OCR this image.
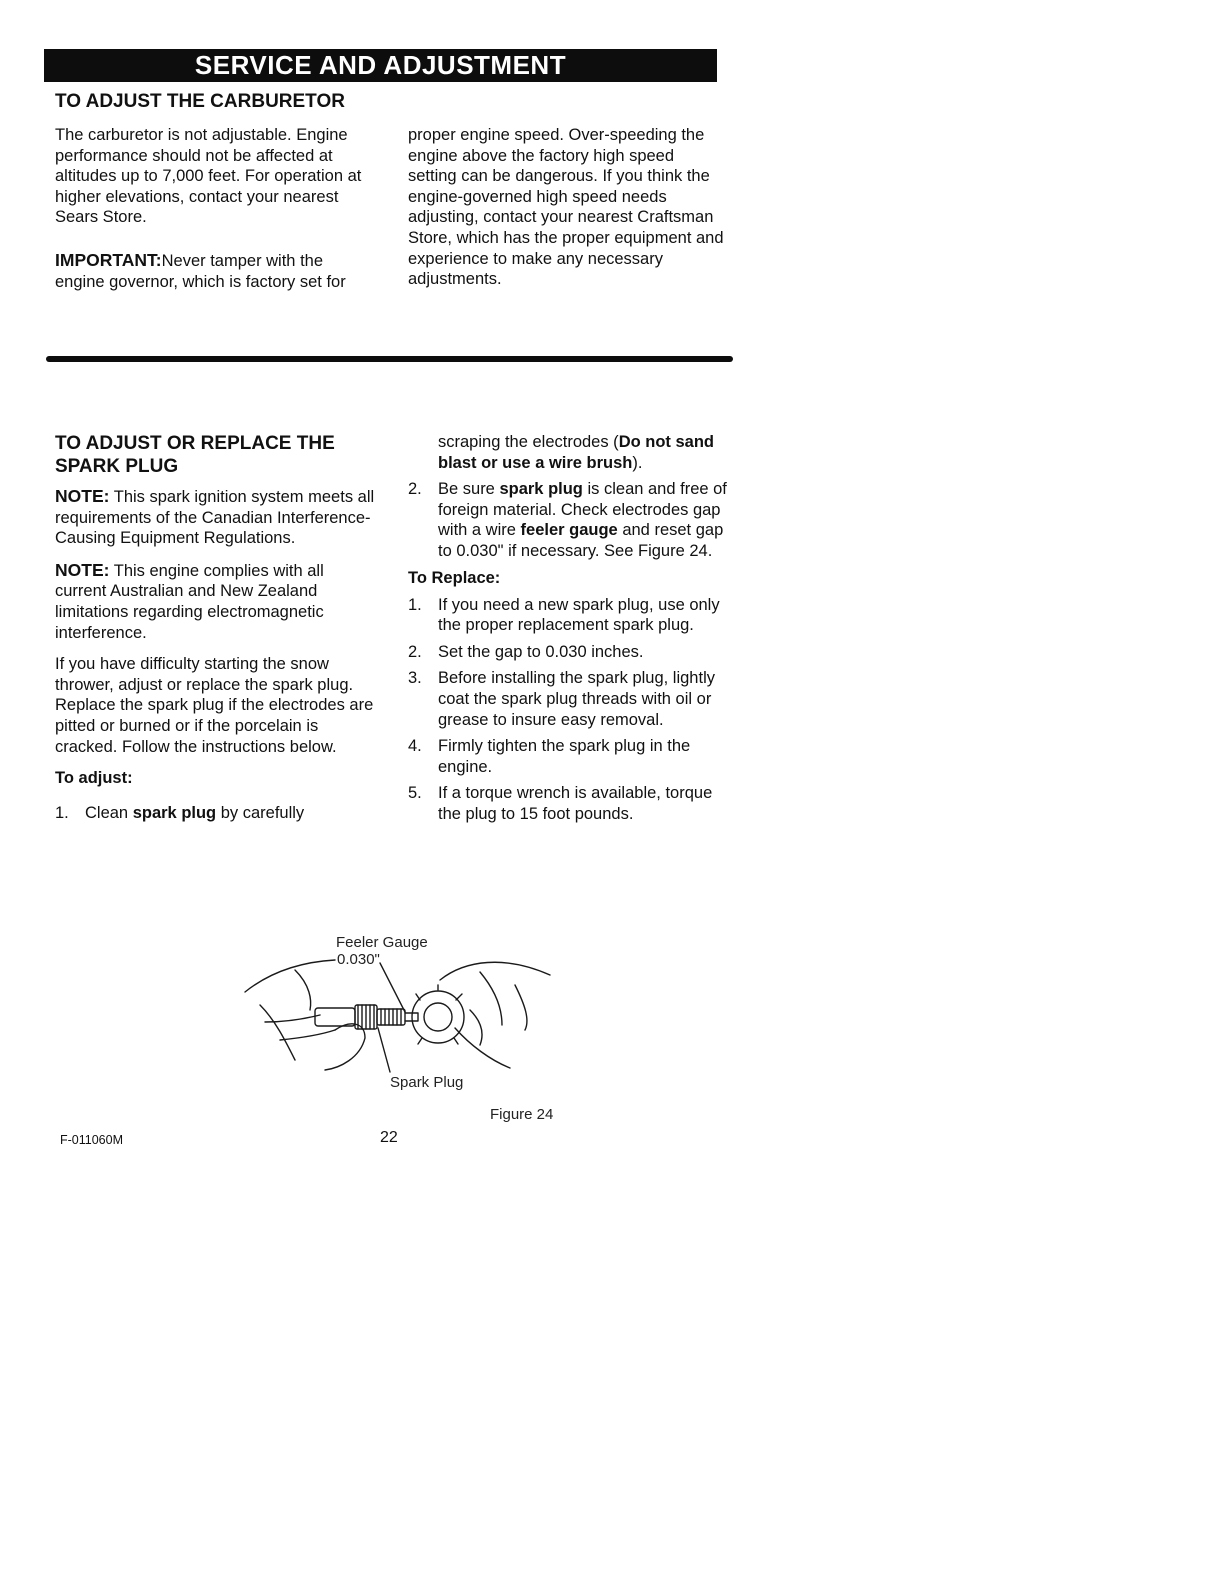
SERVICE AND ADJUSTMENT
TO ADJUST THE CARBURETOR

The carburetor is not adjustable. Engine performance should not be affected at altitudes up to 7,000 feet. For operation at higher elevations, contact your nearest Sears Store.

IMPORTANT:Never tamper with the engine governor, which is factory set for

proper engine speed. Over-speeding the engine above the factory high speed setting can be dangerous. If you think the engine-governed high speed needs adjusting, contact your nearest Craftsman Store, which has the proper equipment and experience to make any necessary adjustments.

TO ADJUST OR REPLACE THE
SPARK PLUG

NOTE: This spark ignition system meets all requirements of the Canadian Interference-Causing Equipment Regulations.

NOTE: This engine complies with all current Australian and New Zealand limitations regarding electromagnetic interference.

If you have difficulty starting the snow thrower, adjust or replace the spark plug. Replace the spark plug if the electrodes are pitted or burned or if the porcelain is cracked. Follow the instructions below.

To adjust:

1. Clean spark plug by carefully

scraping the electrodes (Do not sand blast or use a wire brush).

2. Be sure spark plug is clean and free of foreign material. Check electrodes gap with a wire feeler gauge and reset gap to 0.030" if necessary. See Figure 24.

To Replace:

1. If you need a new spark plug, use only the proper replacement spark plug.
2. Set the gap to 0.030 inches.
3. Before installing the spark plug, lightly coat the spark plug threads with oil or grease to insure easy removal.
4. Firmly tighten the spark plug in the engine.
5. If a torque wrench is available, torque the plug to 15 foot pounds.
Feeler Gauge
0.030"
Spark Plug
Figure 24
F-011060M	22
